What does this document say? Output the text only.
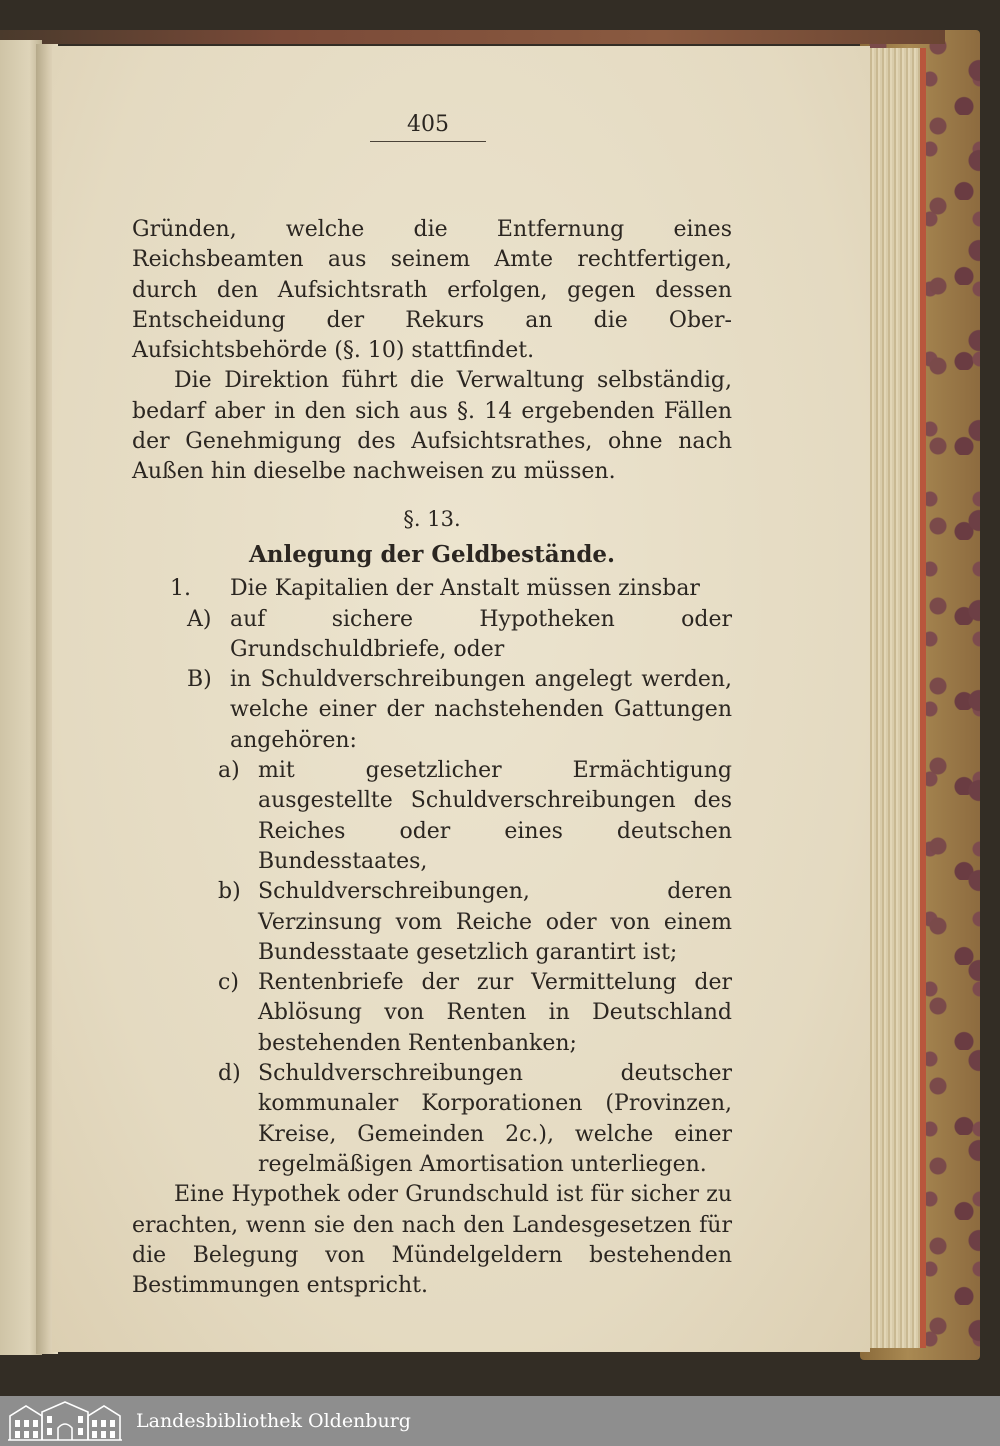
405

Gründen, welche die Entfernung eines Reichsbeamten aus seinem Amte rechtfertigen, durch den Aufsichtsrath erfolgen, gegen dessen Entscheidung der Rekurs an die Ober-Aufsichtsbehörde (§. 10) stattfindet.

Die Direktion führt die Verwaltung selbständig, bedarf aber in den sich aus §. 14 ergebenden Fällen der Genehmigung des Aufsichtsrathes, ohne nach Außen hin dieselbe nachweisen zu müssen.

§. 13.
Anlegung der Geldbestände.
1.	Die Kapitalien der Anstalt müssen zinsbar
A) auf sichere Hypotheken oder Grundschuldbriefe, oder
B) in Schuldverschreibungen angelegt werden, welche einer der nachstehenden Gattungen angehören:
a) mit gesetzlicher Ermächtigung ausgestellte Schuldverschreibungen des Reiches oder eines deutschen Bundesstaates,
b) Schuldverschreibungen, deren Verzinsung vom Reiche oder von einem Bundesstaate gesetzlich garantirt ist;
c) Rentenbriefe der zur Vermittelung der Ablösung von Renten in Deutschland bestehenden Rentenbanken;
d) Schuldverschreibungen deutscher kommunaler Korporationen (Provinzen, Kreise, Gemeinden 2c.), welche einer regelmäßigen Amortisation unterliegen.

Eine Hypothek oder Grundschuld ist für sicher zu erachten, wenn sie den nach den Landesgesetzen für die Belegung von Mündelgeldern bestehenden Bestimmungen entspricht.

Landesbibliothek Oldenburg
